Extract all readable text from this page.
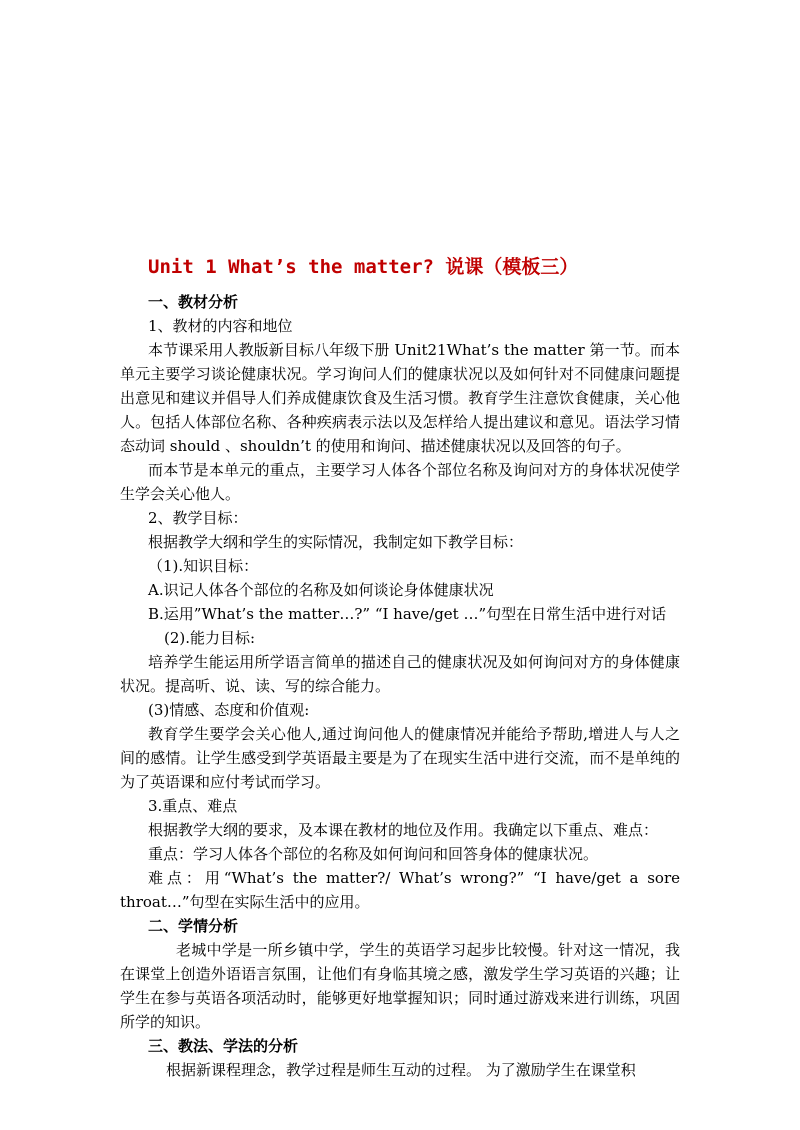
Unit 1 What’s the matter? 说课（模板三）

一、教材分析

1、教材的内容和地位

本节课采用人教版新目标八年级下册 Unit21What’s the matter 第一节。而本单元主要学习谈论健康状况。学习询问人们的健康状况以及如何针对不同健康问题提出意见和建议并倡导人们养成健康饮食及生活习惯。教育学生注意饮食健康，关心他人。包括人体部位名称、各种疾病表示法以及怎样给人提出建议和意见。语法学习情态动词 should 、shouldn’t 的使用和询问、描述健康状况以及回答的句子。

而本节是本单元的重点，主要学习人体各个部位名称及询问对方的身体状况使学生学会关心他人。

2、教学目标：

根据教学大纲和学生的实际情况，我制定如下教学目标：

（1).知识目标：

A.识记人体各个部位的名称及如何谈论身体健康状况

B.运用”What’s the matter…?” “I have/get …”句型在日常生活中进行对话

(2).能力目标:

培养学生能运用所学语言简单的描述自己的健康状况及如何询问对方的身体健康状况。提高听、说、读、写的综合能力。

(3)情感、态度和价值观:

教育学生要学会关心他人,通过询问他人的健康情况并能给予帮助,增进人与人之间的感情。让学生感受到学英语最主要是为了在现实生活中进行交流，而不是单纯的为了英语课和应付考试而学习。

3.重点、难点

根据教学大纲的要求，及本课在教材的地位及作用。我确定以下重点、难点：

重点：学习人体各个部位的名称及如何询问和回答身体的健康状况。

难点：用“What’s the matter?/ What’s wrong?” “I have/get a sore throat…”句型在实际生活中的应用。

二、学情分析

老城中学是一所乡镇中学，学生的英语学习起步比较慢。针对这一情况，我在课堂上创造外语语言氛围，让他们有身临其境之感，激发学生学习英语的兴趣；让学生在参与英语各项活动时，能够更好地掌握知识；同时通过游戏来进行训练，巩固所学的知识。

三、教法、学法的分析

根据新课程理念，教学过程是师生互动的过程。 为了激励学生在课堂积
